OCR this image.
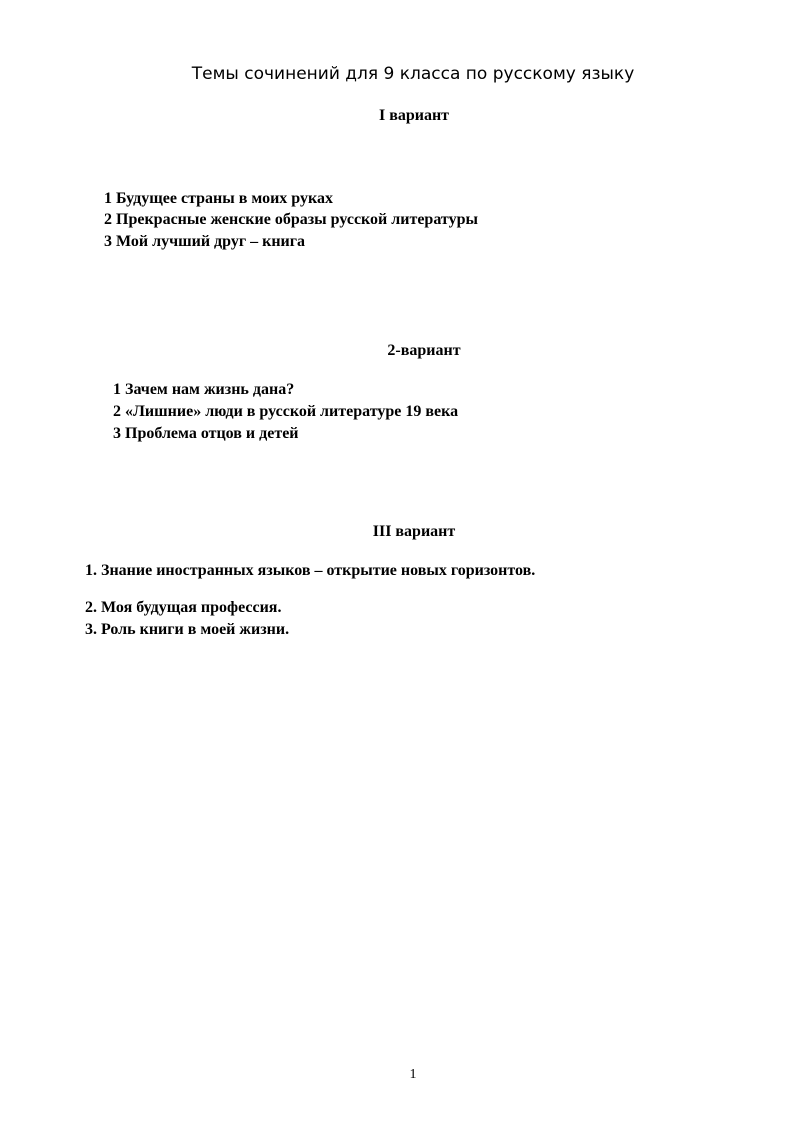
Темы сочинений для 9 класса по русскому языку
I вариант
1 Будущее страны в моих руках
2 Прекрасные женские образы русской литературы
3 Мой лучший друг – книга
2-вариант
1 Зачем нам жизнь дана?
2 «Лишние» люди в русской литературе 19 века
3 Проблема отцов и детей
III вариант
1. Знание иностранных языков – открытие новых горизонтов.
2. Моя будущая профессия.
3. Роль книги в моей жизни.
1
